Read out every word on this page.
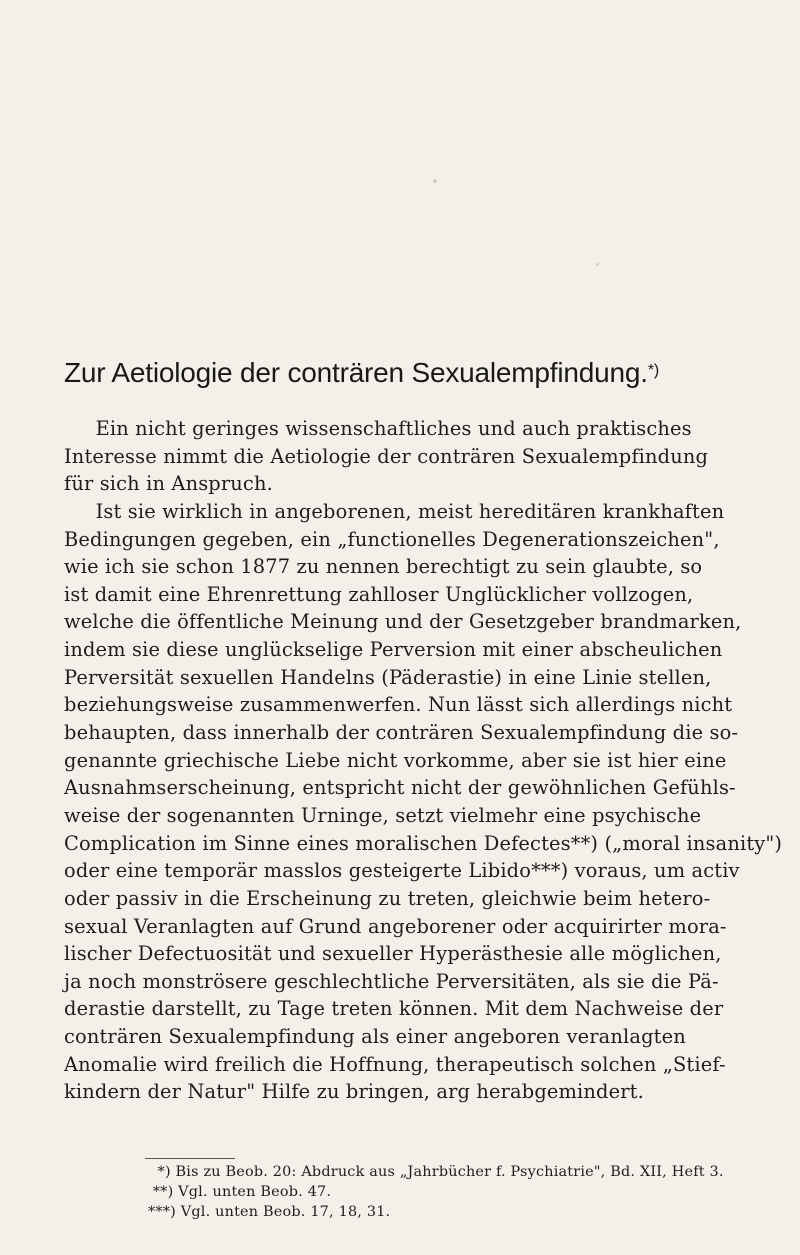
Zur Aetiologie der conträren Sexualempfindung.*)
Ein nicht geringes wissenschaftliches und auch praktisches
Interesse nimmt die Aetiologie der conträren Sexualempfindung
für sich in Anspruch.
Ist sie wirklich in angeborenen, meist hereditären krankhaften
Bedingungen gegeben, ein „functionelles Degenerationszeichen",
wie ich sie schon 1877 zu nennen berechtigt zu sein glaubte, so
ist damit eine Ehrenrettung zahlloser Unglücklicher vollzogen,
welche die öffentliche Meinung und der Gesetzgeber brandmarken,
indem sie diese unglückselige Perversion mit einer abscheulichen
Perversität sexuellen Handelns (Päderastie) in eine Linie stellen,
beziehungsweise zusammenwerfen. Nun lässt sich allerdings nicht
behaupten, dass innerhalb der conträren Sexualempfindung die so-
genannte griechische Liebe nicht vorkomme, aber sie ist hier eine
Ausnahmserscheinung, entspricht nicht der gewöhnlichen Gefühls-
weise der sogenannten Urninge, setzt vielmehr eine psychische
Complication im Sinne eines moralischen Defectes**) („moral insanity")
oder eine temporär masslos gesteigerte Libido***) voraus, um activ
oder passiv in die Erscheinung zu treten, gleichwie beim hetero-
sexual Veranlagten auf Grund angeborener oder acquirirter mora-
lischer Defectuosität und sexueller Hyperästhesie alle möglichen,
ja noch monströsere geschlechtliche Perversitäten, als sie die Pä-
derastie darstellt, zu Tage treten können. Mit dem Nachweise der
conträren Sexualempfindung als einer angeboren veranlagten
Anomalie wird freilich die Hoffnung, therapeutisch solchen „Stief-
kindern der Natur" Hilfe zu bringen, arg herabgemindert.
*) Bis zu Beob. 20: Abdruck aus „Jahrbücher f. Psychiatrie", Bd. XII, Heft 3.
**) Vgl. unten Beob. 47.
***) Vgl. unten Beob. 17, 18, 31.
